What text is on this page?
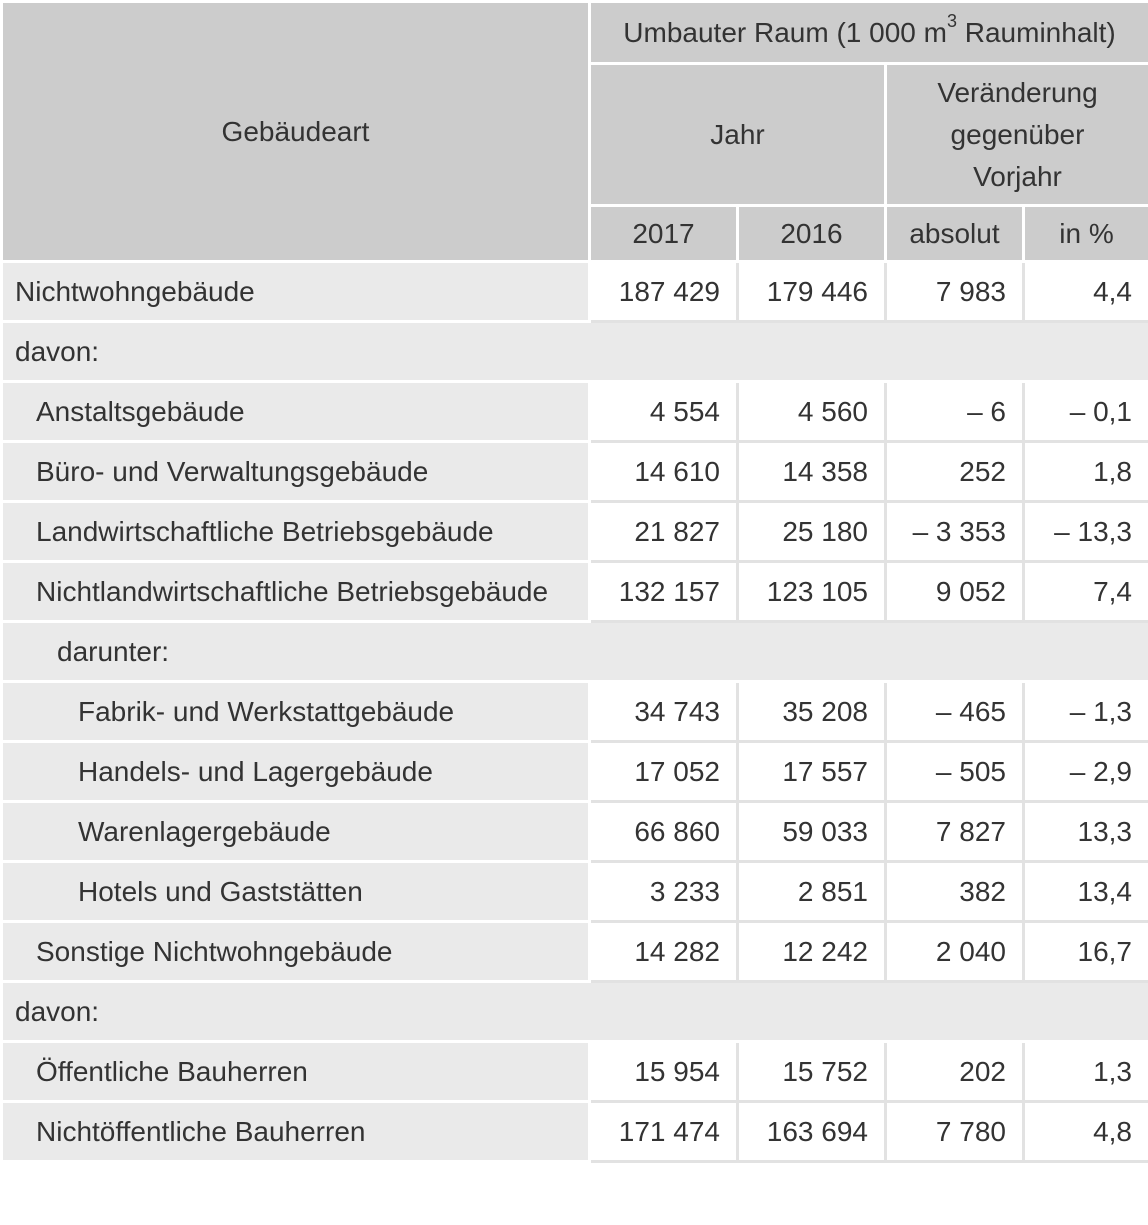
Gebäudeart	Umbauter Raum (1 000 $m^3$ Rauminhalt)			
	Jahr		Veränderung
gegenüber
Vorjahr	
	2017	2016	absolut	in %
Nichtwohngebäude	187 429	179 446	7 983	4,4
davon:				
Anstaltsgebäude	4 554	4 560	– 6	– 0,1
Büro- und Verwaltungsgebäude	14 610	14 358	252	1,8
Landwirtschaftliche Betriebsgebäude	21 827	25 180	– 3 353	– 13,3
Nichtlandwirtschaftliche Betriebsgebäude	132 157	123 105	9 052	7,4
darunter:				
Fabrik- und Werkstattgebäude	34 743	35 208	– 465	– 1,3
Handels- und Lagergebäude	17 052	17 557	– 505	– 2,9
Warenlagergebäude	66 860	59 033	7 827	13,3
Hotels und Gaststätten	3 233	2 851	382	13,4
Sonstige Nichtwohngebäude	14 282	12 242	2 040	16,7
davon:				
Öffentliche Bauherren	15 954	15 752	202	1,3
Nichtöffentliche Bauherren	171 474	163 694	7 780	4,8
